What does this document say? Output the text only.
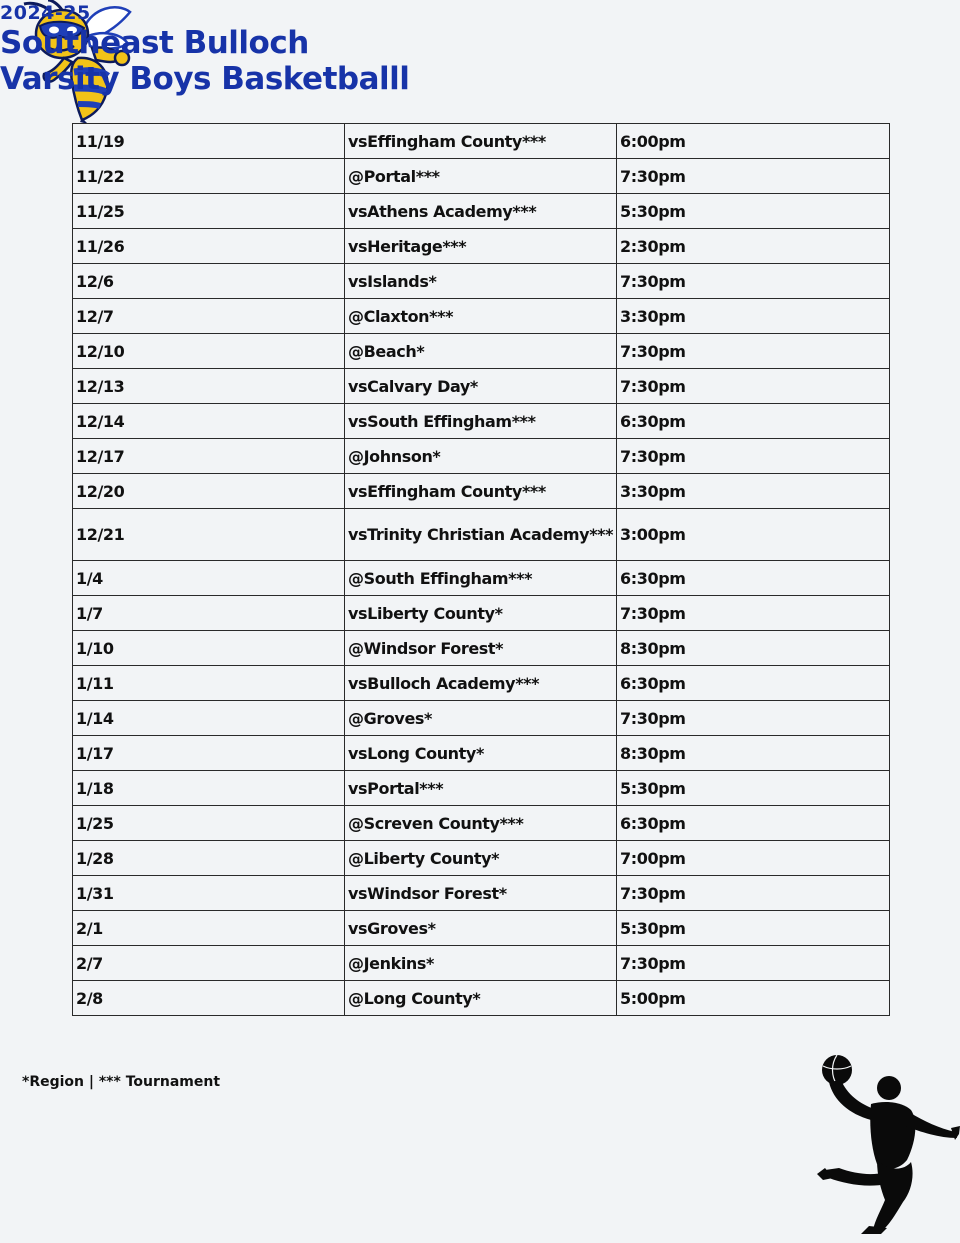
2024-25
Southeast Bulloch
Varsity Boys Basketballl
11/19	vsEffingham County***	6:00pm
11/22	@Portal***	7:30pm
11/25	vsAthens Academy***	5:30pm
11/26	vsHeritage***	2:30pm
12/6	vsIslands*	7:30pm
12/7	@Claxton***	3:30pm
12/10	@Beach*	7:30pm
12/13	vsCalvary Day*	7:30pm
12/14	vsSouth Effingham***	6:30pm
12/17	@Johnson*	7:30pm
12/20	vsEffingham County***	3:30pm
12/21	vsTrinity Christian Academy***	3:00pm
1/4	@South Effingham***	6:30pm
1/7	vsLiberty County*	7:30pm
1/10	@Windsor Forest*	8:30pm
1/11	vsBulloch Academy***	6:30pm
1/14	@Groves*	7:30pm
1/17	vsLong County*	8:30pm
1/18	vsPortal***	5:30pm
1/25	@Screven County***	6:30pm
1/28	@Liberty County*	7:00pm
1/31	vsWindsor Forest*	7:30pm
2/1	vsGroves*	5:30pm
2/7	@Jenkins*	7:30pm
2/8	@Long County*	5:00pm
*Region | *** Tournament
